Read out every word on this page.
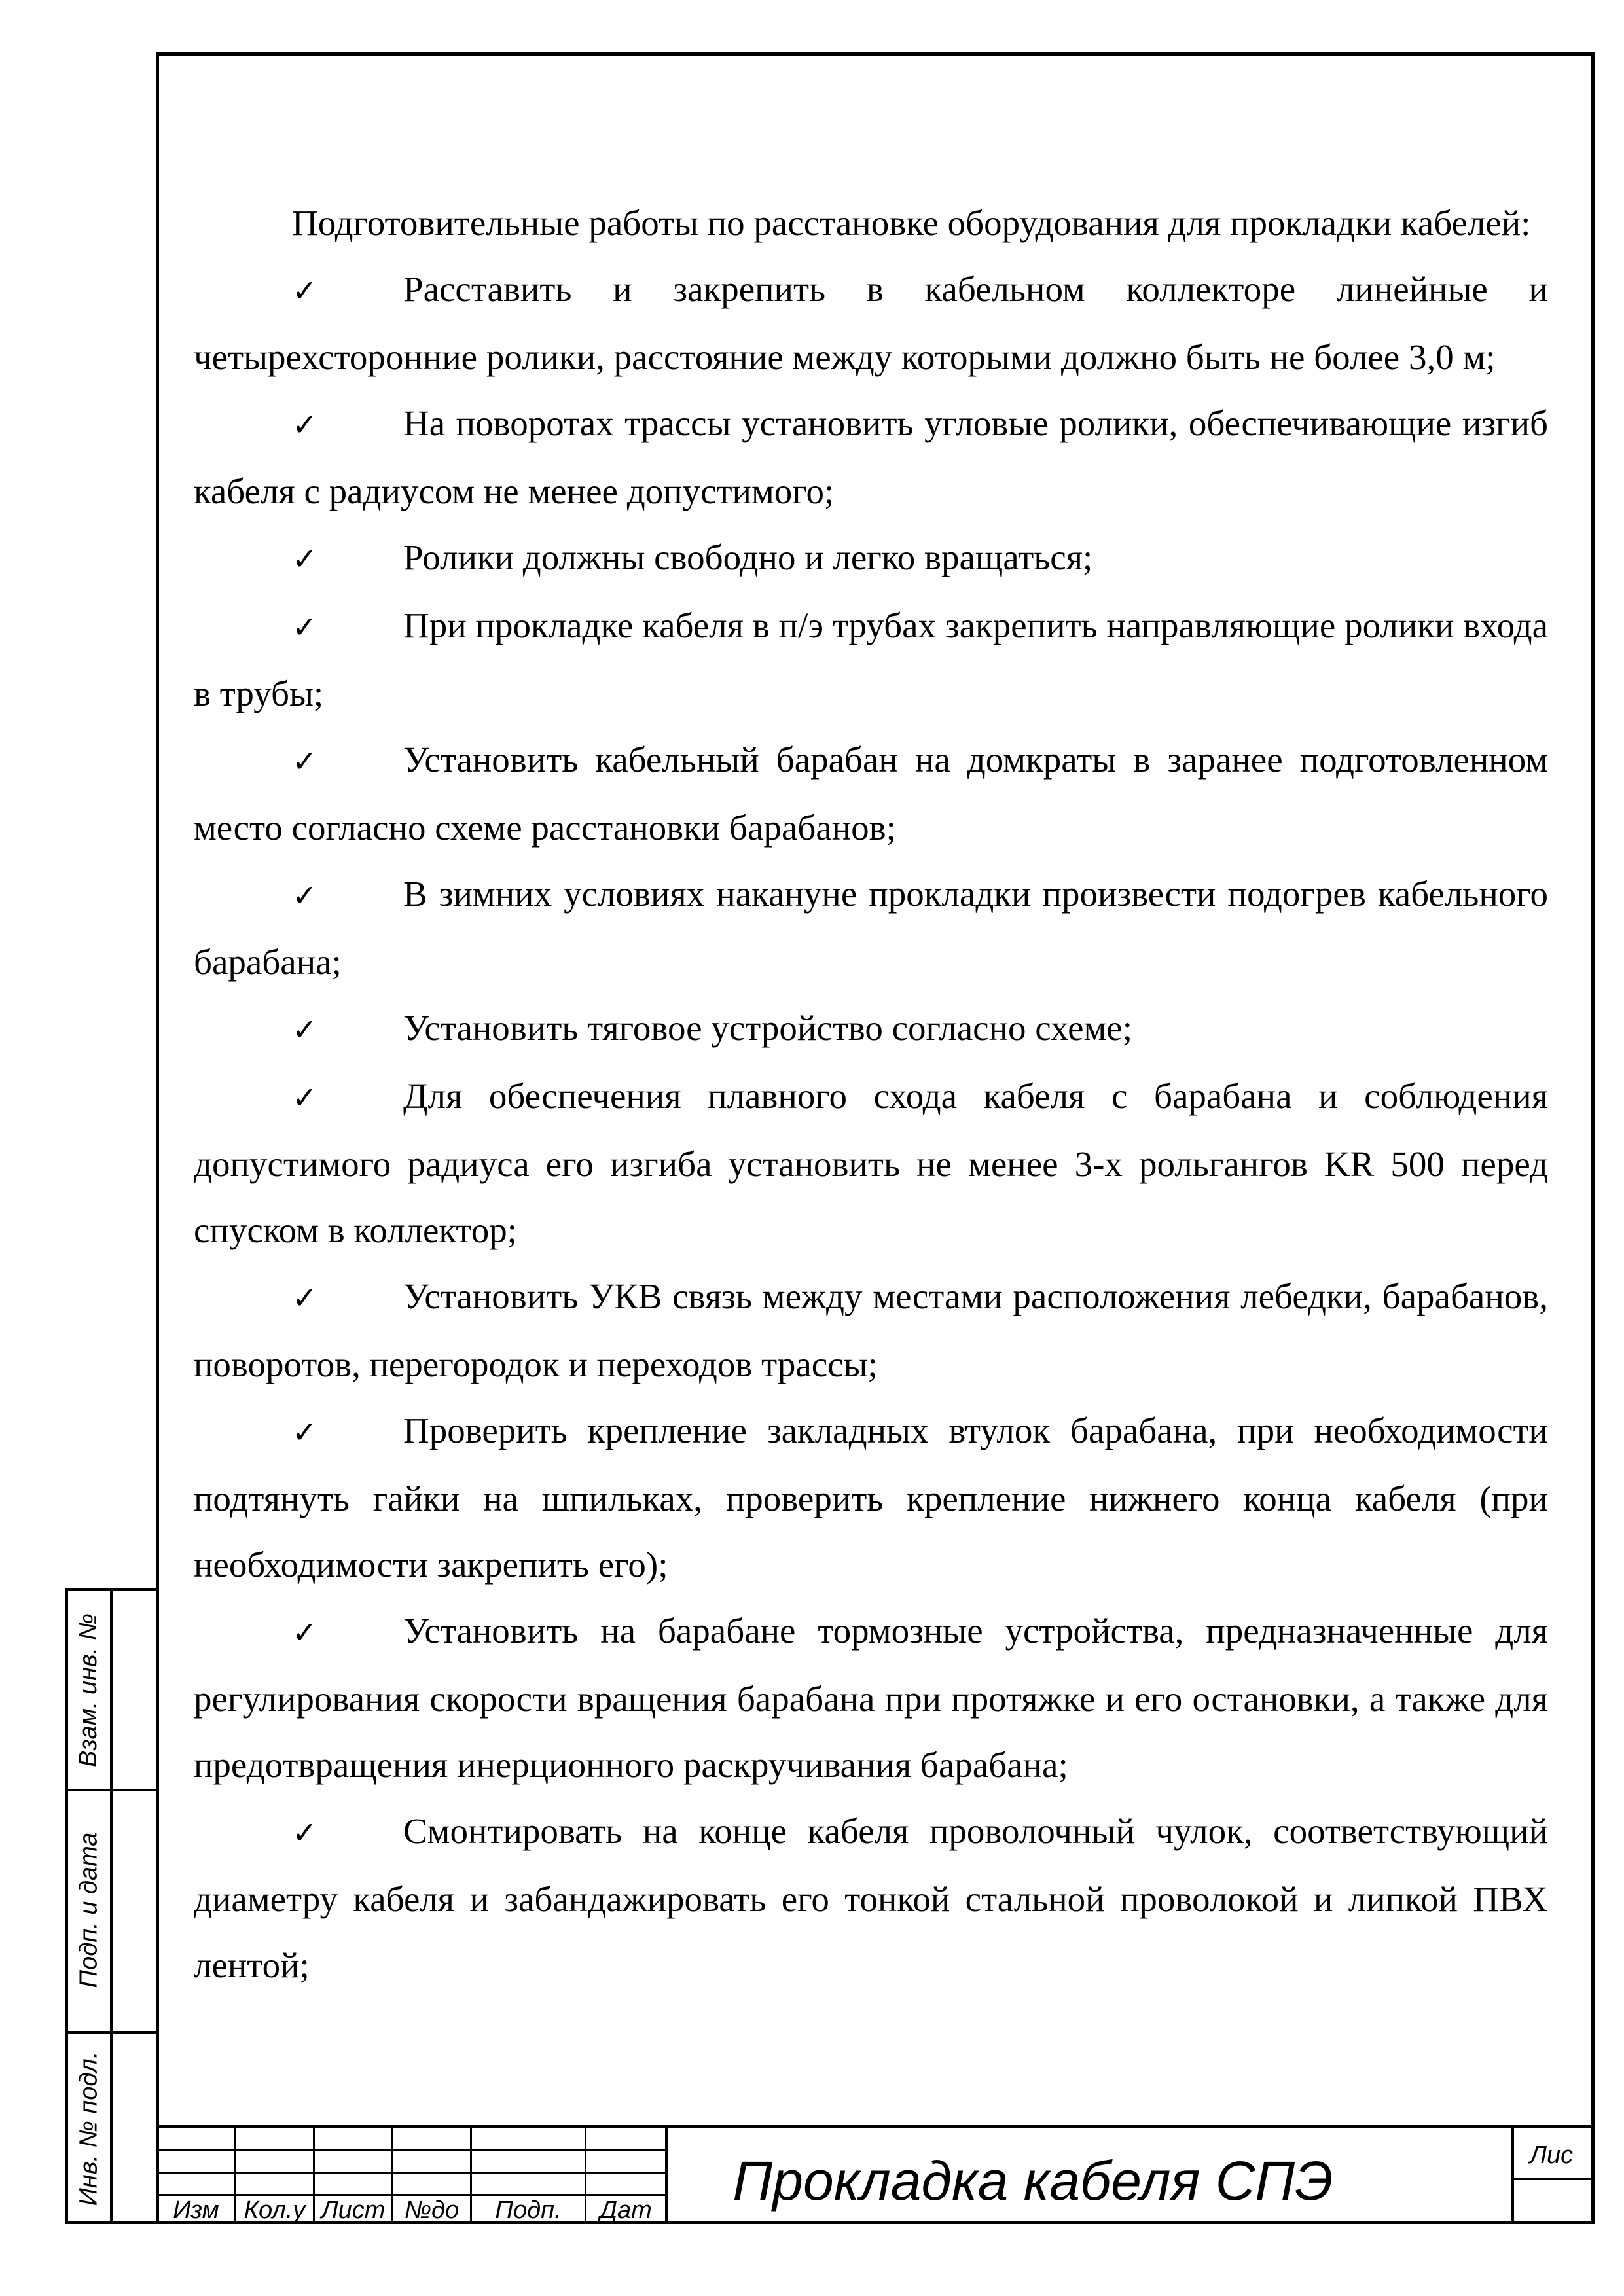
Подготовительные работы по расстановке оборудования для прокладки кабелей:

✓ Расставить и закрепить в кабельном коллекторе линейные и четырехсторонние ролики, расстояние между которыми должно быть не более 3,0 м;

✓ На поворотах трассы установить угловые ролики, обеспечивающие изгиб кабеля с радиусом не менее допустимого;

✓ Ролики должны свободно и легко вращаться;

✓ При прокладке кабеля в п/э трубах закрепить направляющие ролики входа в трубы;

✓ Установить кабельный барабан на домкраты в заранее подготовленном место согласно схеме расстановки барабанов;

✓ В зимних условиях накануне прокладки произвести подогрев кабельного барабана;

✓ Установить тяговое устройство согласно схеме;

✓ Для обеспечения плавного схода кабеля с барабана и соблюдения допустимого радиуса его изгиба установить не менее 3-х рольгангов KR 500 перед спуском в коллектор;

✓ Установить УКВ связь между местами расположения лебедки, барабанов, поворотов, перегородок и переходов трассы;

✓ Проверить крепление закладных втулок барабана, при необходимости подтянуть гайки на шпильках, проверить крепление нижнего конца кабеля (при необходимости закрепить его);

✓ Установить на барабане тормозные устройства, предназначенные для регулирования скорости вращения барабана при протяжке и его остановки, а также для предотвращения инерционного раскручивания барабана;

✓ Смонтировать на конце кабеля проволочный чулок, соответствующий диаметру кабеля и забандажировать его тонкой стальной проволокой и липкой ПВХ лентой;

Взам. инв. №
Подп. и дата
Инв. № подл.
Изм Кол.у Лист №до	Подп.	Дат	Прокладка кабеля СПЭ	Лис
